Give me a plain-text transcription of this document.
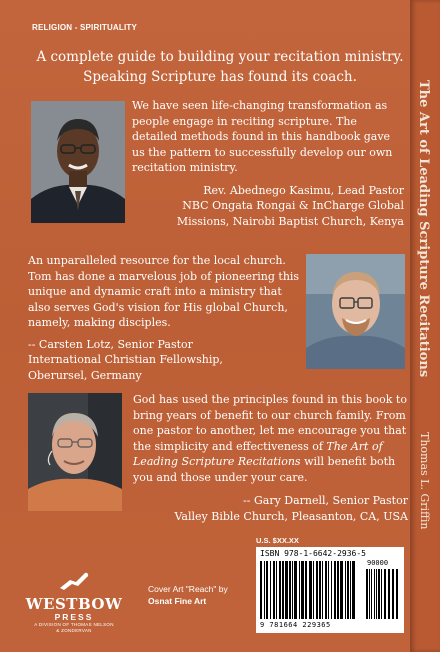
RELIGION - SPIRITUALITY
A complete guide to building your recitation ministry. Speaking Scripture has found its coach.

We have seen life-changing transformation as people engage in reciting scripture. The detailed methods found in this handbook gave us the pattern to successfully develop our own recitation ministry.

Rev. Abednego Kasimu, Lead Pastor
NBC Ongata Rongai & InCharge Global
Missions, Nairobi Baptist Church, Kenya

An unparalleled resource for the local church. Tom has done a marvelous job of pioneering this unique and dynamic craft into a ministry that also serves God's vision for His global Church, namely, making disciples.

-- Carsten Lotz, Senior Pastor
International Christian Fellowship,
Oberursel, Germany

God has used the principles found in this book to bring years of benefit to our church family. From one pastor to another, let me encourage you that the simplicity and effectiveness of The Art of Leading Scripture Recitations will benefit both you and those under your care.

-- Gary Darnell, Senior Pastor
Valley Bible Church, Pleasanton, CA, USA
WESTBOW
PRESS
A DIVISION OF THOMAS NELSON
& ZONDERVAN
Cover Art "Reach" by
Osnat Fine Art
U.S. $XX.XX
ISBN 978-1-6642-2936-5
9 781664 229365
90000
The Art of Leading Scripture Recitations
Thomas L. Griffin
